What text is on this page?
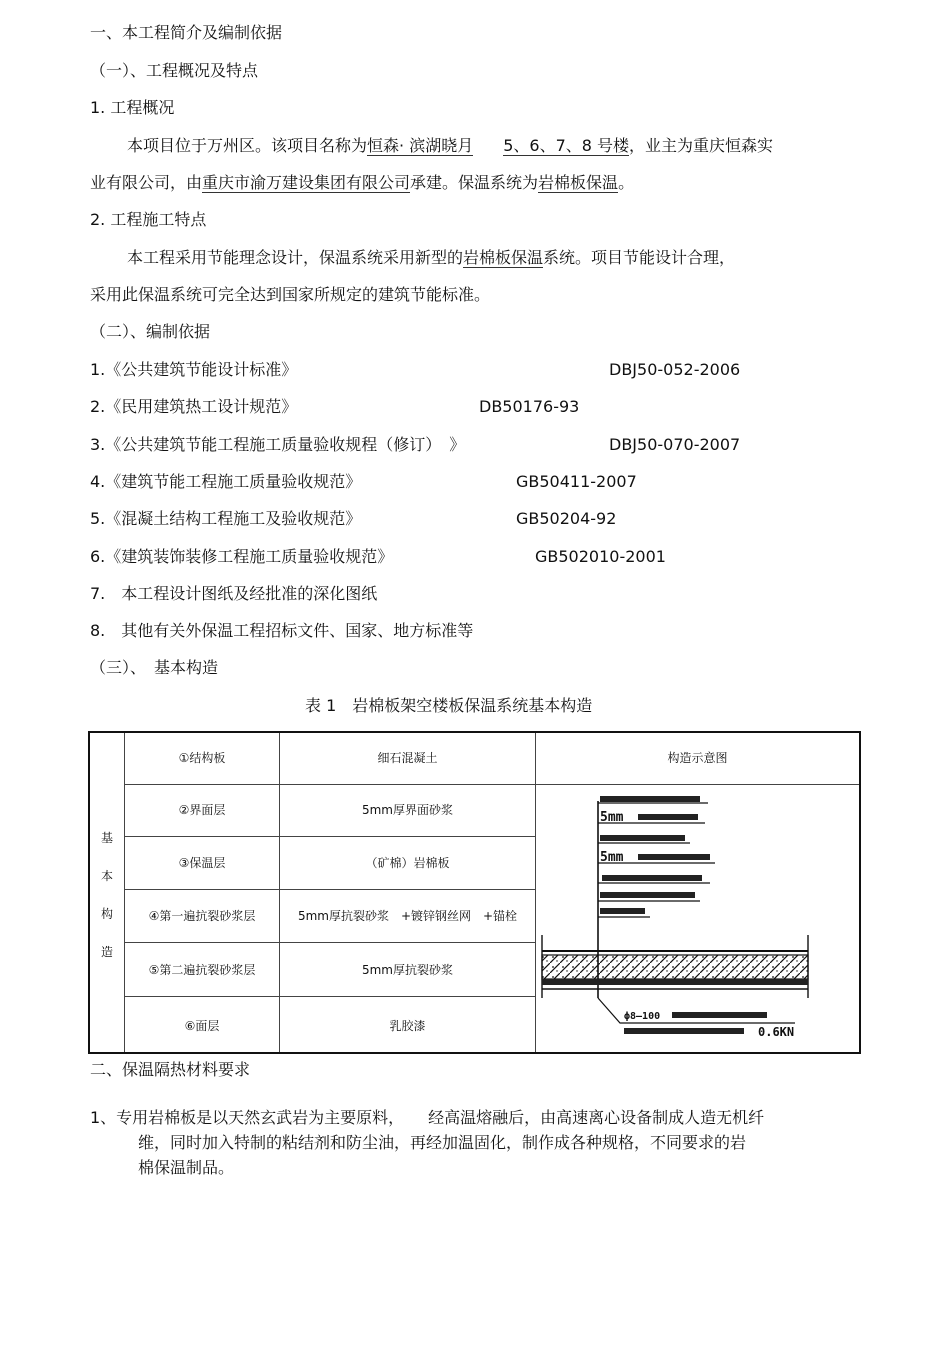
一、本工程简介及编制依据
（一）、工程概况及特点
1. 工程概况
本项目位于万州区。该项目名称为恒森· 滨湖晓月 5、6、7、8 号楼，业主为重庆恒森实
业有限公司，由重庆市渝万建设集团有限公司承建。保温系统为岩棉板保温。
2. 工程施工特点
本工程采用节能理念设计，保温系统采用新型的岩棉板保温系统。项目节能设计合理，
采用此保温系统可完全达到国家所规定的建筑节能标准。
（二）、编制依据
1.《公共建筑节能设计标准》	DBJ50-052-2006
2.《民用建筑热工设计规范》	DB50176-93
3.《公共建筑节能工程施工质量验收规程（修订）　》	DBJ50-070-2007
4.《建筑节能工程施工质量验收规范》	GB50411-2007
5.《混凝土结构工程施工及验收规范》	GB50204-92
6.《建筑装饰装修工程施工质量验收规范》	GB502010-2001
7.　本工程设计图纸及经批准的深化图纸
8.　其他有关外保温工程招标文件、国家、地方标准等
（三）、　基本构造
表 1　岩棉板架空楼板保温系统基本构造
基
本
构
造
①结构板	细石混凝土	构造示意图
②界面层	5mm厚界面砂浆
③保温层	（矿棉）岩棉板
④第一遍抗裂砂浆层	5mm厚抗裂砂浆　+镀锌钢丝网　+锚栓
⑤第二遍抗裂砂浆层	5mm厚抗裂砂浆
⑥面层	乳胶漆
5mm
5mm
ϕ8—100
0.6KN
二、保温隔热材料要求
1、专用岩棉板是以天然玄武岩为主要原料，　　经高温熔融后，由高速离心设备制成人造无机纤
维，同时加入特制的粘结剂和防尘油，再经加温固化，制作成各种规格，不同要求的岩
棉保温制品。
